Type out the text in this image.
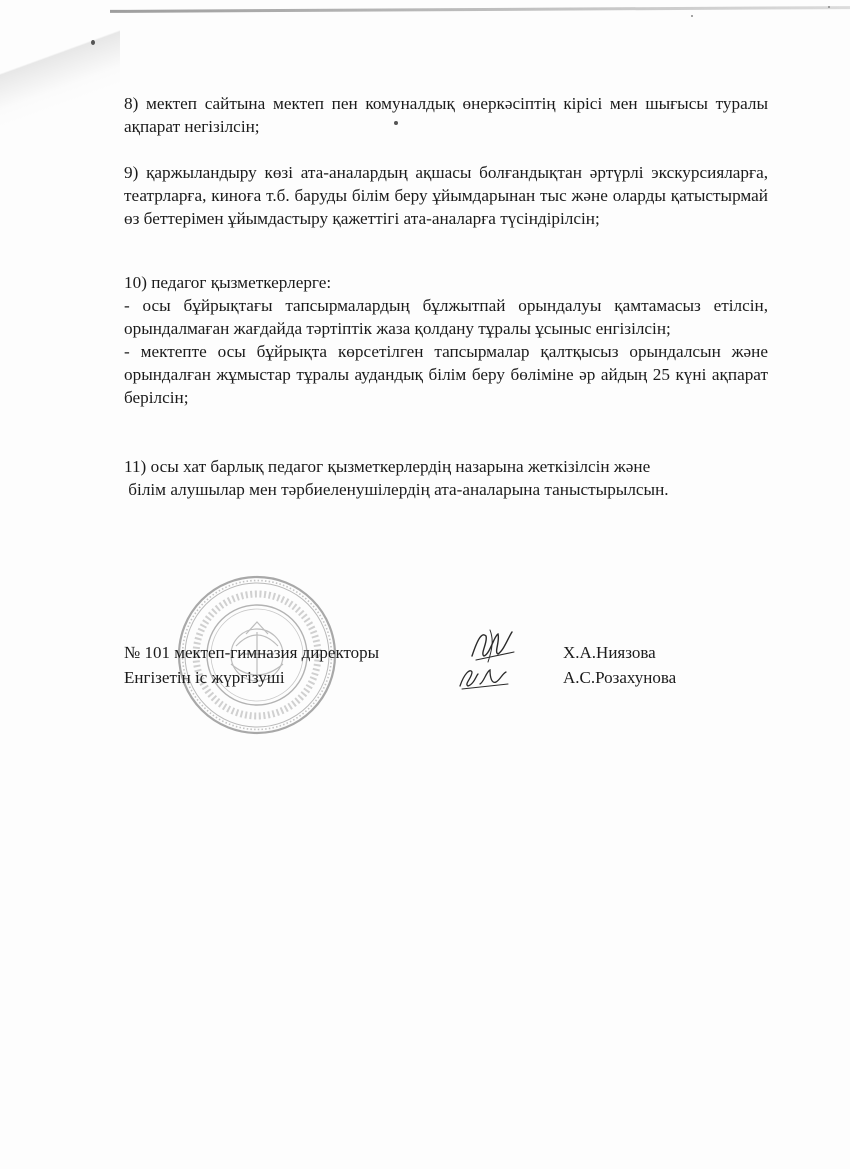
8) мектеп сайтына мектеп пен комуналдық өнеркәсіптің кірісі мен шығысы туралы ақпарат негізілсін;

9) қаржыландыру көзі ата-аналардың ақшасы болғандықтан әртүрлі экскурсияларға, театрларға, киноға т.б. баруды білім беру ұйымдарынан тыс және оларды қатыстырмай өз беттерімен ұйымдастыру қажеттігі ата-аналарға түсіндірілсін;

10) педагог қызметкерлерге:

- осы бұйрықтағы тапсырмалардың бұлжытпай орындалуы қамтамасыз етілсін, орындалмаған жағдайда тәртіптік жаза қолдану тұралы ұсыныс енгізілсін;

- мектепте осы бұйрықта көрсетілген тапсырмалар қалтқысыз орындалсын және орындалған жұмыстар тұралы аудандық білім беру бөліміне әр айдың 25 күні ақпарат берілсін;

11) осы хат барлық педагог қызметкерлердің назарына жеткізілсін және

білім алушылар мен тәрбиеленушілердің ата-аналарына таныстырылсын.

№ 101 мектеп-гимназия директоры	Х.А.Ниязова
Енгізетін іс жүргізуші	А.С.Розахунова
